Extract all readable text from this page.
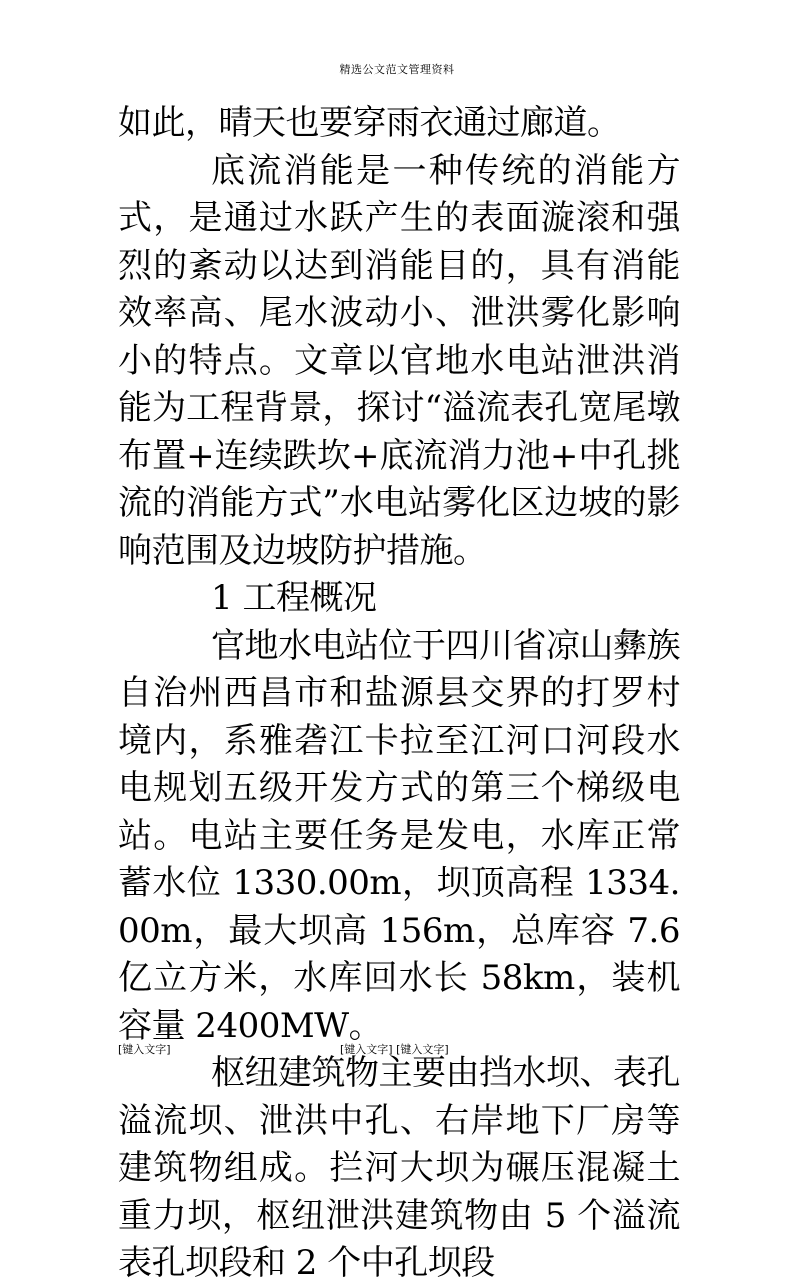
精选公文范文管理资料

如此，晴天也要穿雨衣通过廊道。

底流消能是一种传统的消能方式，是通过水跃产生的表面漩滚和强烈的紊动以达到消能目的，具有消能效率高、尾水波动小、泄洪雾化影响小的特点。文章以官地水电站泄洪消能为工程背景，探讨“溢流表孔宽尾墩布置+连续跌坎+底流消力池+中孔挑流的消能方式”水电站雾化区边坡的影响范围及边坡防护措施。

1 工程概况

官地水电站位于四川省凉山彝族自治州西昌市和盐源县交界的打罗村境内，系雅砻江卡拉至江河口河段水电规划五级开发方式的第三个梯级电站。电站主要任务是发电，水库正常蓄水位 1330.00m，坝顶高程 1334.00m，最大坝高 156m，总库容 7.6 亿立方米，水库回水长 58km，装机容量 2400MW。

枢纽建筑物主要由挡水坝、表孔溢流坝、泄洪中孔、右岸地下厂房等建筑物组成。拦河大坝为碾压混凝土重力坝，枢纽泄洪建筑物由 5 个溢流表孔坝段和 2 个中孔坝段

[键入文字]	[键入文字] [键入文字]
